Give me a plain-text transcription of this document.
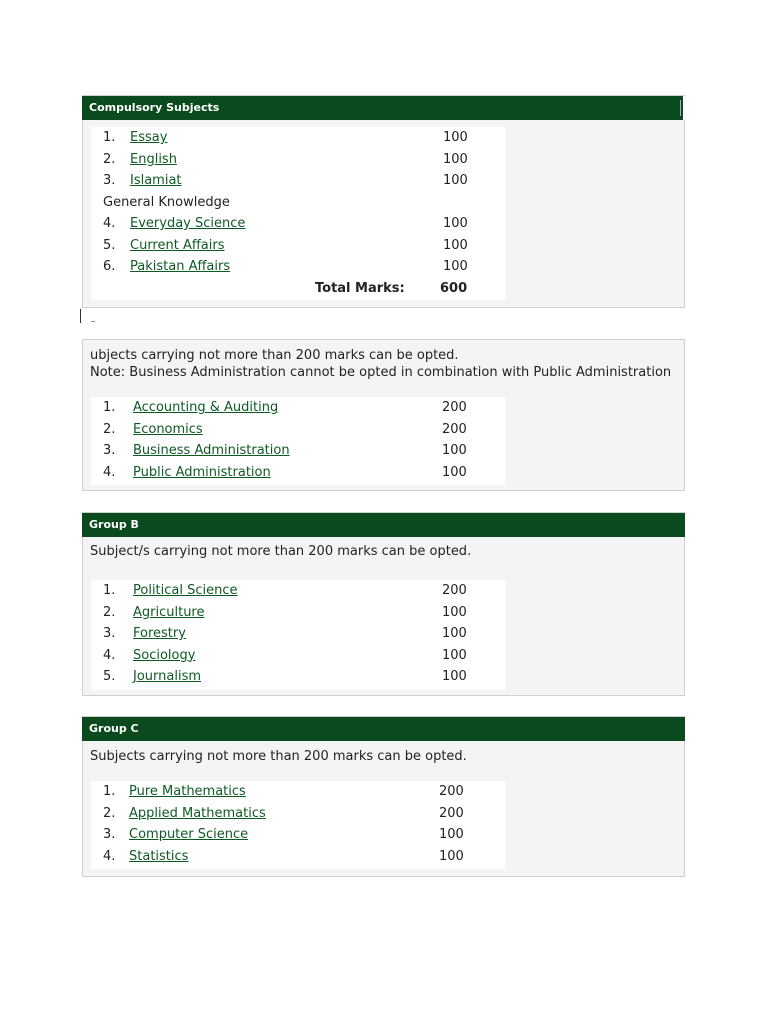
Compulsory Subjects
1. Essay	100
2. English	100
3. Islamiat	100
General Knowledge
4. Everyday Science	100
5. Current Affairs	100
6. Pakistan Affairs	100
Total Marks:	600
ubjects carrying not more than 200 marks can be opted.
Note: Business Administration cannot be opted in combination with Public Administration
1. Accounting & Auditing	200
2. Economics	200
3. Business Administration	100
4. Public Administration	100
Group B
Subject/s carrying not more than 200 marks can be opted.
1. Political Science	200
2. Agriculture	100
3. Forestry	100
4. Sociology	100
5. Journalism	100
Group C
Subjects carrying not more than 200 marks can be opted.
1. Pure Mathematics	200
2. Applied Mathematics	200
3. Computer Science	100
4. Statistics	100
